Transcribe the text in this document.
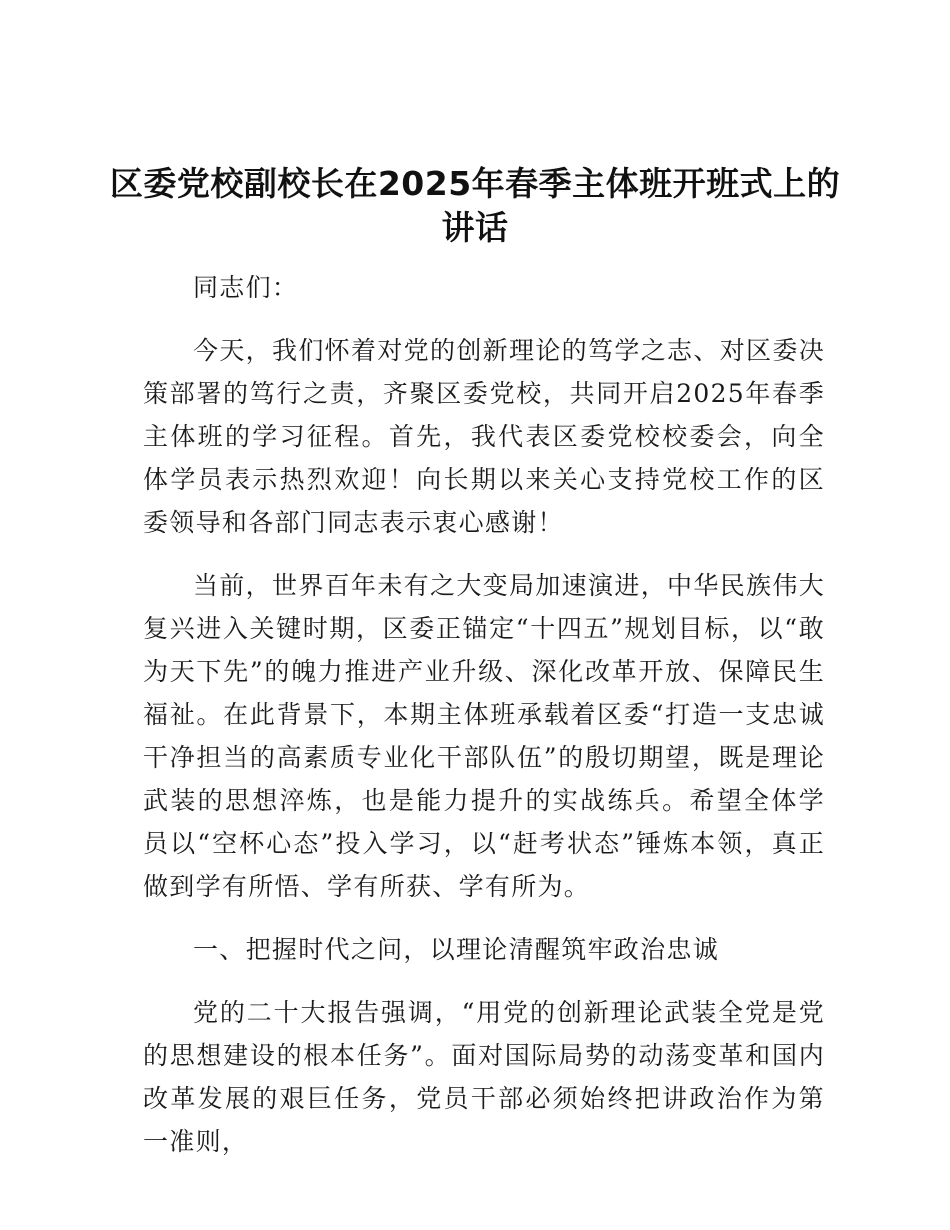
区委党校副校长在2025年春季主体班开班式上的讲话

同志们：

今天，我们怀着对党的创新理论的笃学之志、对区委决策部署的笃行之责，齐聚区委党校，共同开启2025年春季主体班的学习征程。首先，我代表区委党校校委会，向全体学员表示热烈欢迎！向长期以来关心支持党校工作的区委领导和各部门同志表示衷心感谢！

当前，世界百年未有之大变局加速演进，中华民族伟大复兴进入关键时期，区委正锚定“十四五”规划目标，以“敢为天下先”的魄力推进产业升级、深化改革开放、保障民生福祉。在此背景下，本期主体班承载着区委“打造一支忠诚干净担当的高素质专业化干部队伍”的殷切期望，既是理论武装的思想淬炼，也是能力提升的实战练兵。希望全体学员以“空杯心态”投入学习，以“赶考状态”锤炼本领，真正做到学有所悟、学有所获、学有所为。

一、把握时代之问，以理论清醒筑牢政治忠诚

党的二十大报告强调，“用党的创新理论武装全党是党的思想建设的根本任务”。面对国际局势的动荡变革和国内改革发展的艰巨任务，党员干部必须始终把讲政治作为第一准则，
